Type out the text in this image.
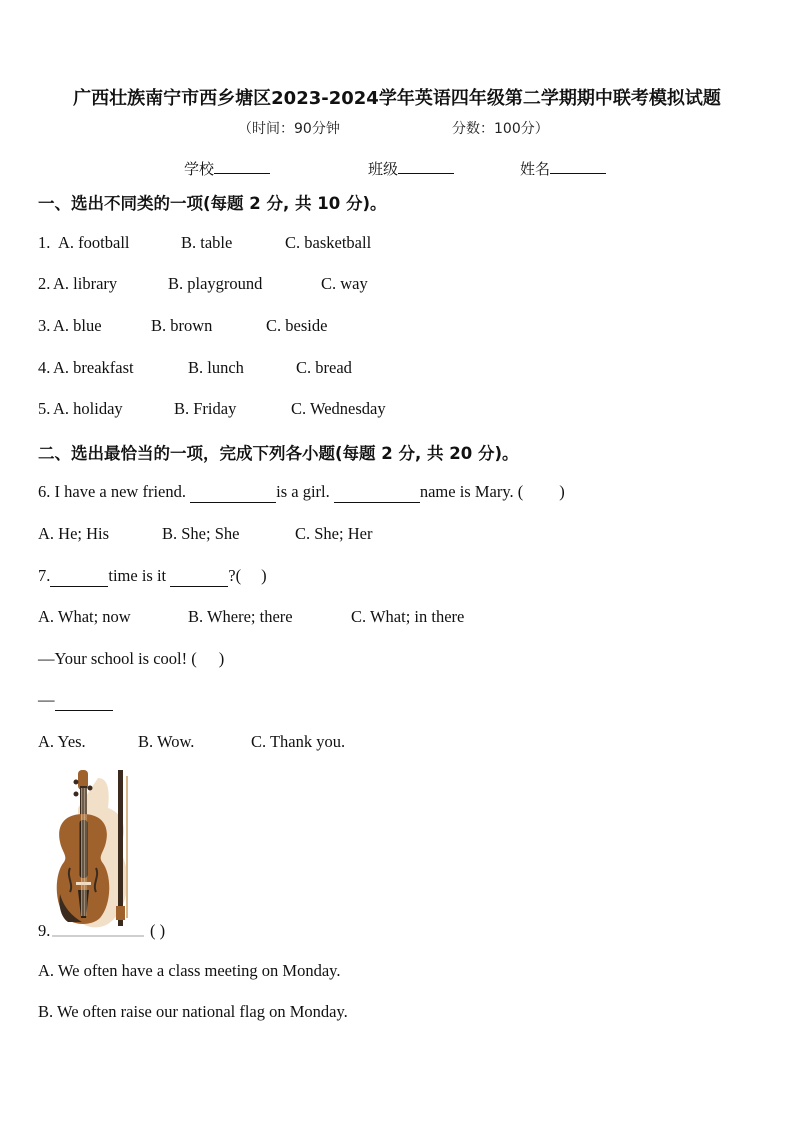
广西壮族南宁市西乡塘区2023-2024学年英语四年级第二学期期中联考模拟试题
（时间：90分钟	分数：100分）
学校	班级	姓名
一、选出不同类的一项(每题 2 分, 共 10 分)。
1. A. football	B. table	C. basketball
2. A. library	B. playground	C. way
3. A. blue	B. brown	C. beside
4. A. breakfast	B. lunch	C. bread
5. A. holiday	B. Friday	C. Wednesday
二、选出最恰当的一项，完成下列各小题(每题 2 分, 共 20 分)。
6. I have a new friend.	is a girl.	name is Mary. ( )
A. He; His	B. She; She	C. She; Her
7.	time is it	?( )
A. What; now	B. Where; there	C. What; in there
—Your school is cool! ( )
—
A. Yes.	B. Wow.	C. Thank you.
9.	( )
A. We often have a class meeting on Monday.
B. We often raise our national flag on Monday.
